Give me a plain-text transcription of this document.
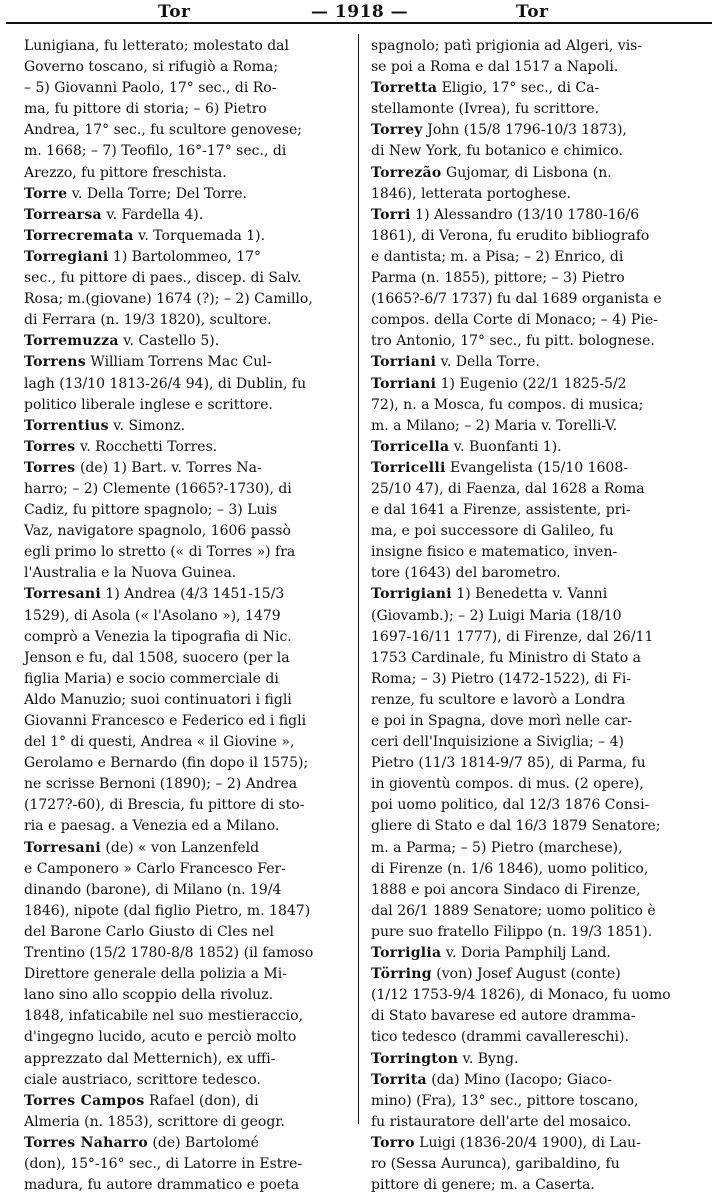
Tor	— 1918 —	Tor
Lunigiana, fu letterato; molestato dal
Governo toscano, si rifugiò a Roma;
– 5) Giovanni Paolo, 17° sec., di Ro-
ma, fu pittore di storia; – 6) Pietro
Andrea, 17° sec., fu scultore genovese;
m. 1668; – 7) Teofilo, 16°-17° sec., di
Arezzo, fu pittore freschista.
Torre v. Della Torre; Del Torre.
Torrearsa v. Fardella 4).
Torrecremata v. Torquemada 1).
Torregiani 1) Bartolommeo, 17°
sec., fu pittore di paes., discep. di Salv.
Rosa; m.(giovane) 1674 (?); – 2) Camillo,
di Ferrara (n. 19/3 1820), scultore.
Torremuzza v. Castello 5).
Torrens William Torrens Mac Cul-
lagh (13/10 1813-26/4 94), di Dublin, fu
politico liberale inglese e scrittore.
Torrentius v. Simonz.
Torres v. Rocchetti Torres.
Torres (de) 1) Bart. v. Torres Na-
harro; – 2) Clemente (1665?-1730), di
Cadiz, fu pittore spagnolo; – 3) Luis
Vaz, navigatore spagnolo, 1606 passò
egli primo lo stretto (« di Torres ») fra
l'Australia e la Nuova Guinea.
Torresani 1) Andrea (4/3 1451-15/3
1529), di Asola (« l'Asolano »), 1479
comprò a Venezia la tipografia di Nic.
Jenson e fu, dal 1508, suocero (per la
figlia Maria) e socio commerciale di
Aldo Manuzio; suoi continuatori i figli
Giovanni Francesco e Federico ed i figli
del 1° di questi, Andrea « il Giovine »,
Gerolamo e Bernardo (fin dopo il 1575);
ne scrisse Bernoni (1890); – 2) Andrea
(1727?-60), di Brescia, fu pittore di sto-
ria e paesag. a Venezia ed a Milano.
Torresani (de) « von Lanzenfeld
e Camponero » Carlo Francesco Fer-
dinando (barone), di Milano (n. 19/4
1846), nipote (dal figlio Pietro, m. 1847)
del Barone Carlo Giusto di Cles nel
Trentino (15/2 1780-8/8 1852) (il famoso
Direttore generale della polizia a Mi-
lano sino allo scoppio della rivoluz.
1848, infaticabile nel suo mestieraccio,
d'ingegno lucido, acuto e perciò molto
apprezzato dal Metternich), ex uffi-
ciale austriaco, scrittore tedesco.
Torres Campos Rafael (don), di
Almeria (n. 1853), scrittore di geogr.
Torres Naharro (de) Bartolomé
(don), 15°-16° sec., di Latorre in Estre-
madura, fu autore drammatico e poeta
spagnolo; patì prigionia ad Algeri, vis-
se poi a Roma e dal 1517 a Napoli.
Torretta Eligio, 17° sec., di Ca-
stellamonte (Ivrea), fu scrittore.
Torrey John (15/8 1796-10/3 1873),
di New York, fu botanico e chimico.
Torrezão Gujomar, di Lisbona (n.
1846), letterata portoghese.
Torri 1) Alessandro (13/10 1780-16/6
1861), di Verona, fu erudito bibliografo
e dantista; m. a Pisa; – 2) Enrico, di
Parma (n. 1855), pittore; – 3) Pietro
(1665?-6/7 1737) fu dal 1689 organista e
compos. della Corte di Monaco; – 4) Pie-
tro Antonio, 17° sec., fu pitt. bolognese.
Torriani v. Della Torre.
Torriani 1) Eugenio (22/1 1825-5/2
72), n. a Mosca, fu compos. di musica;
m. a Milano; – 2) Maria v. Torelli-V.
Torricella v. Buonfanti 1).
Torricelli Evangelista (15/10 1608-
25/10 47), di Faenza, dal 1628 a Roma
e dal 1641 a Firenze, assistente, pri-
ma, e poi successore di Galileo, fu
insigne fisico e matematico, inven-
tore (1643) del barometro.
Torrigiani 1) Benedetta v. Vanni
(Giovamb.); – 2) Luigi Maria (18/10
1697-16/11 1777), di Firenze, dal 26/11
1753 Cardinale, fu Ministro di Stato a
Roma; – 3) Pietro (1472-1522), di Fi-
renze, fu scultore e lavorò a Londra
e poi in Spagna, dove morì nelle car-
ceri dell'Inquisizione a Siviglia; – 4)
Pietro (11/3 1814-9/7 85), di Parma, fu
in gioventù compos. di mus. (2 opere),
poi uomo politico, dal 12/3 1876 Consi-
gliere di Stato e dal 16/3 1879 Senatore;
m. a Parma; – 5) Pietro (marchese),
di Firenze (n. 1/6 1846), uomo politico,
1888 e poi ancora Sindaco di Firenze,
dal 26/1 1889 Senatore; uomo politico è
pure suo fratello Filippo (n. 19/3 1851).
Torriglia v. Doria Pamphilj Land.
Törring (von) Josef August (conte)
(1/12 1753-9/4 1826), di Monaco, fu uomo
di Stato bavarese ed autore dramma-
tico tedesco (drammi cavallereschi).
Torrington v. Byng.
Torrita (da) Mino (Iacopo; Giaco-
mino) (Fra), 13° sec., pittore toscano,
fu ristauratore dell'arte del mosaico.
Torro Luigi (1836-20/4 1900), di Lau-
ro (Sessa Aurunca), garibaldino, fu
pittore di genere; m. a Caserta.
